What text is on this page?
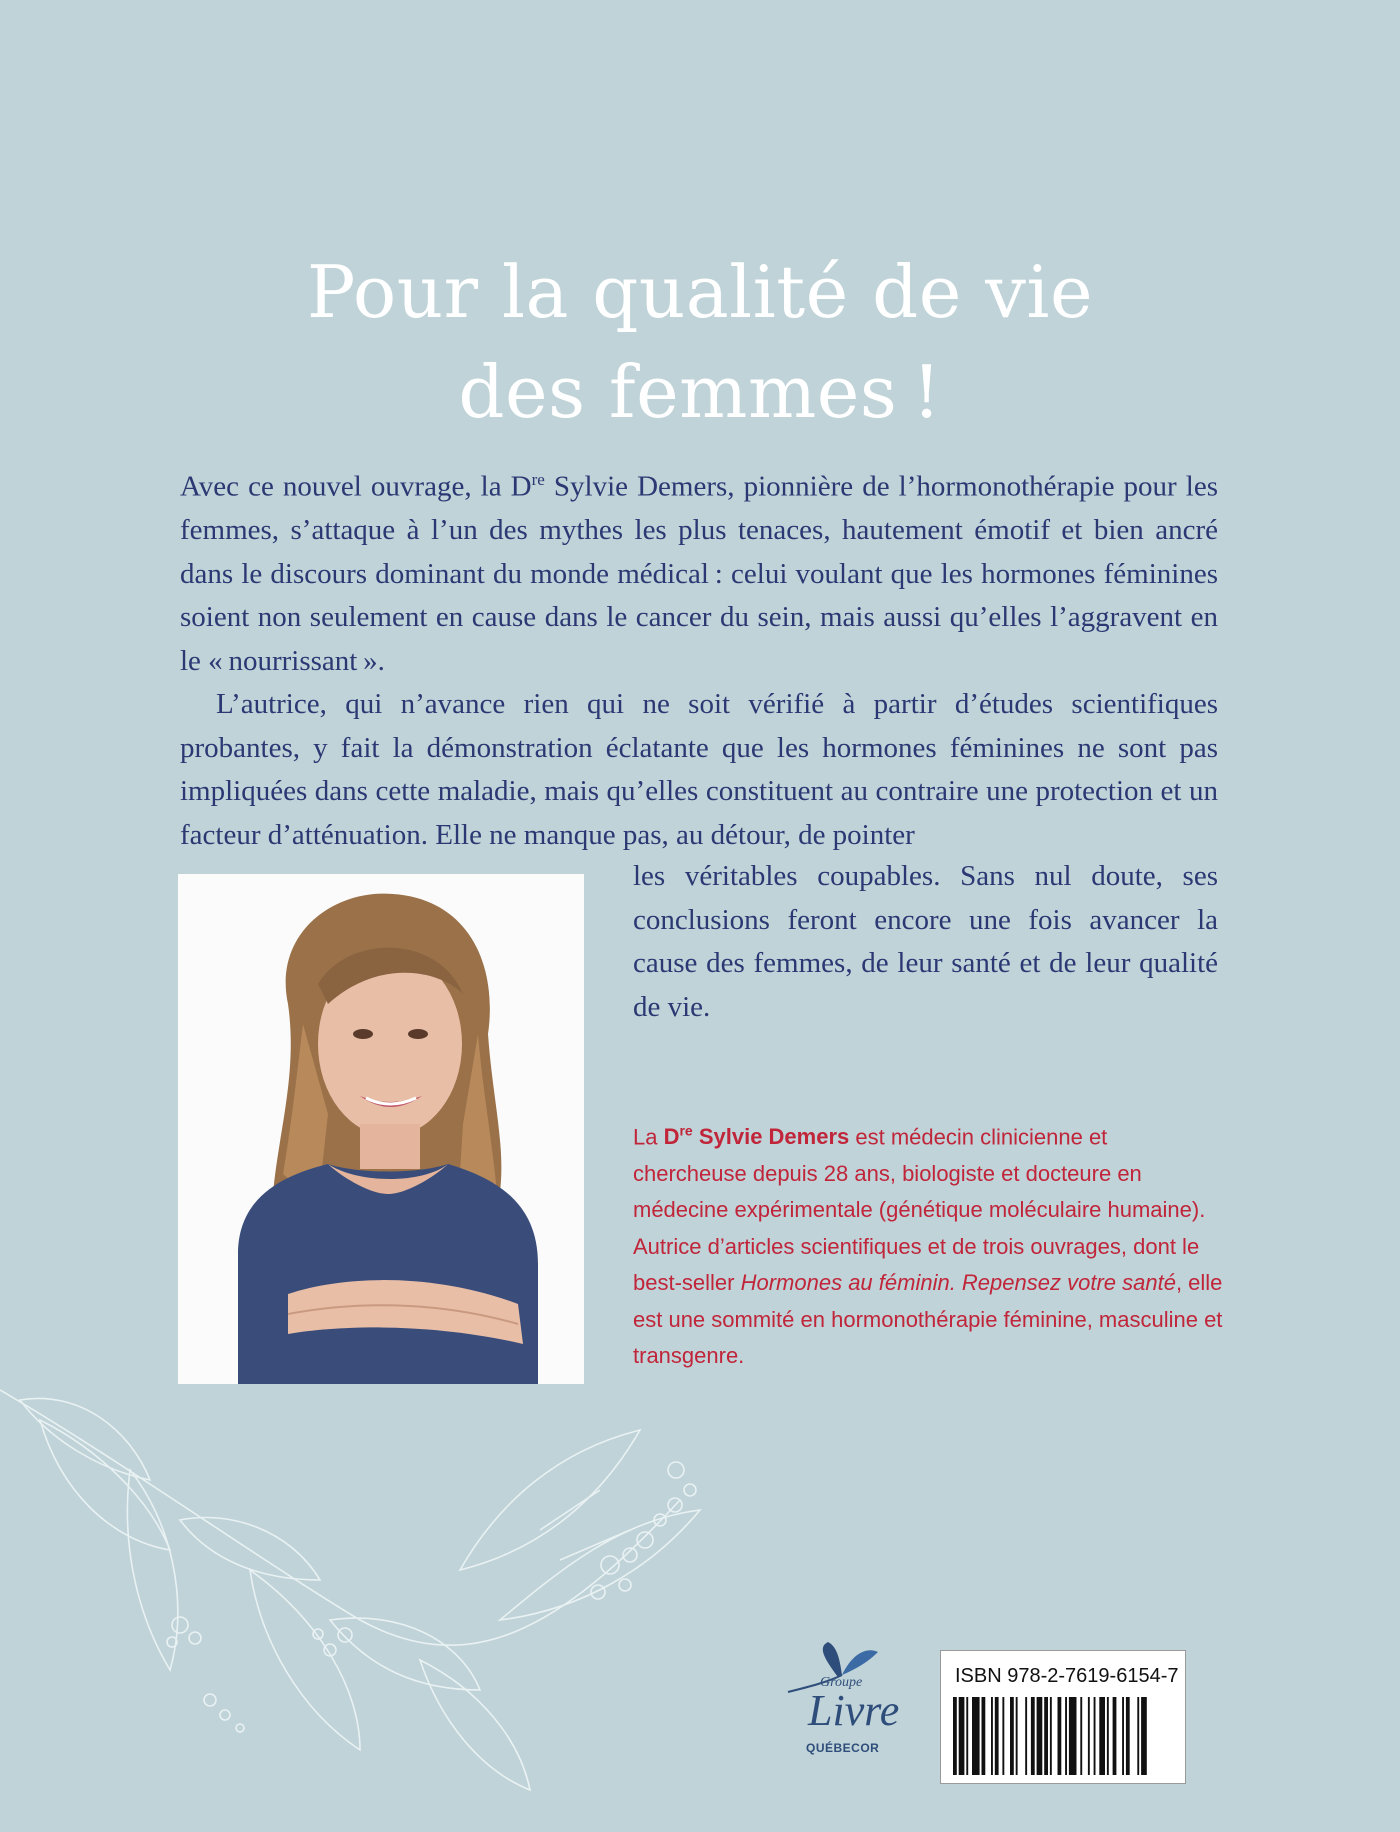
Pour la qualité de vie
des femmes !

Avec ce nouvel ouvrage, la Dre Sylvie Demers, pionnière de l’hormonothérapie pour les femmes, s’attaque à l’un des mythes les plus tenaces, hautement émotif et bien ancré dans le discours dominant du monde médical : celui voulant que les hormones féminines soient non seulement en cause dans le cancer du sein, mais aussi qu’elles l’aggravent en le « nourrissant ».

L’autrice, qui n’avance rien qui ne soit vérifié à partir d’études scientifiques probantes, y fait la démonstration éclatante que les hormones féminines ne sont pas impliquées dans cette maladie, mais qu’elles constituent au contraire une protection et un facteur d’atténuation. Elle ne manque pas, au détour, de pointer

les véritables coupables. Sans nul doute, ses conclusions feront encore une fois avancer la cause des femmes, de leur santé et de leur qualité de vie.

La Dre Sylvie Demers est médecin clinicienne et chercheuse depuis 28 ans, biologiste et docteure en médecine expérimentale (génétique moléculaire humaine). Autrice d’articles scientifiques et de trois ouvrages, dont le best-seller Hormones au féminin. Repensez votre santé, elle est une sommité en hormonothérapie féminine, masculine et transgenre.

Groupe
Livre
QUÉBECOR
ISBN 978-2-7619-6154-7
